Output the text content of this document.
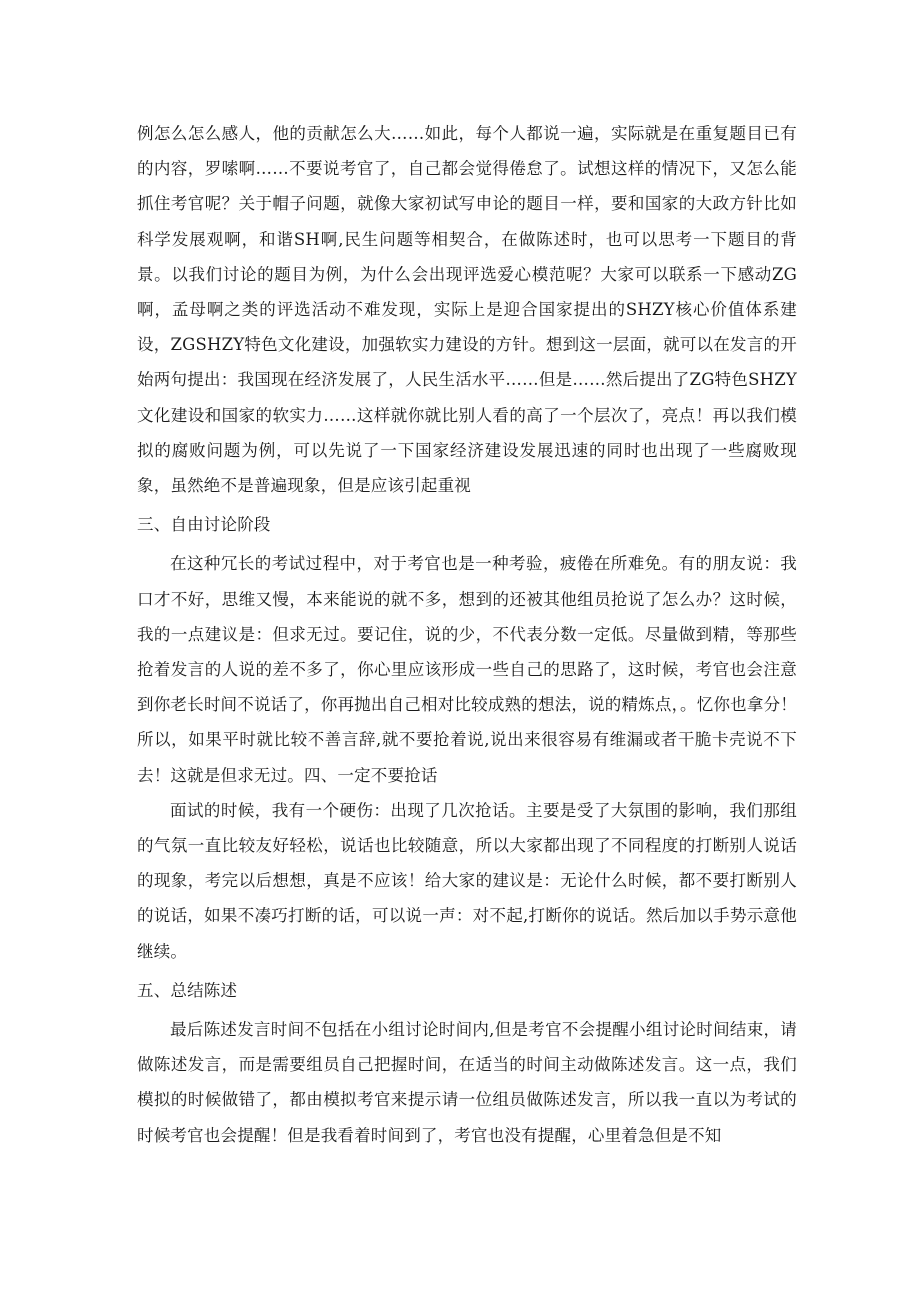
例怎么怎么感人，他的贡献怎么大……如此，每个人都说一遍，实际就是在重复题目已有的内容，罗嗦啊……不要说考官了，自己都会觉得倦怠了。试想这样的情况下，又怎么能抓住考官呢？关于帽子问题，就像大家初试写申论的题目一样，要和国家的大政方针比如科学发展观啊，和谐SH啊,民生问题等相契合，在做陈述时，也可以思考一下题目的背景。以我们讨论的题目为例，为什么会出现评选爱心模范呢？大家可以联系一下感动ZG啊，孟母啊之类的评选活动不难发现，实际上是迎合国家提出的SHZY核心价值体系建设，ZGSHZY特色文化建设，加强软实力建设的方针。想到这一层面，就可以在发言的开始两句提出：我国现在经济发展了，人民生活水平……但是……然后提出了ZG特色SHZY文化建设和国家的软实力……这样就你就比别人看的高了一个层次了，亮点！再以我们模拟的腐败问题为例，可以先说了一下国家经济建设发展迅速的同时也出现了一些腐败现象，虽然绝不是普遍现象，但是应该引起重视

三、自由讨论阶段

在这种冗长的考试过程中，对于考官也是一种考验，疲倦在所难免。有的朋友说：我口才不好，思维又慢，本来能说的就不多，想到的还被其他组员抢说了怎么办？这时候，我的一点建议是：但求无过。要记住，说的少，不代表分数一定低。尽量做到精，等那些抢着发言的人说的差不多了，你心里应该形成一些自己的思路了，这时候，考官也会注意到你老长时间不说话了，你再抛出自己相对比较成熟的想法，说的精炼点，。忆你也拿分！所以，如果平时就比较不善言辞,就不要抢着说,说出来很容易有维漏或者干脆卡壳说不下去！这就是但求无过。四、一定不要抢话

面试的时候，我有一个硬伤：出现了几次抢话。主要是受了大氛围的影响，我们那组的气氛一直比较友好轻松，说话也比较随意，所以大家都出现了不同程度的打断别人说话的现象，考完以后想想，真是不应该！给大家的建议是：无论什么时候，都不要打断别人的说话，如果不凑巧打断的话，可以说一声：对不起,打断你的说话。然后加以手势示意他继续。

五、总结陈述

最后陈述发言时间不包括在小组讨论时间内,但是考官不会提醒小组讨论时间结束，请做陈述发言，而是需要组员自己把握时间，在适当的时间主动做陈述发言。这一点，我们模拟的时候做错了，都由模拟考官来提示请一位组员做陈述发言，所以我一直以为考试的时候考官也会提醒！但是我看着时间到了，考官也没有提醒，心里着急但是不知
